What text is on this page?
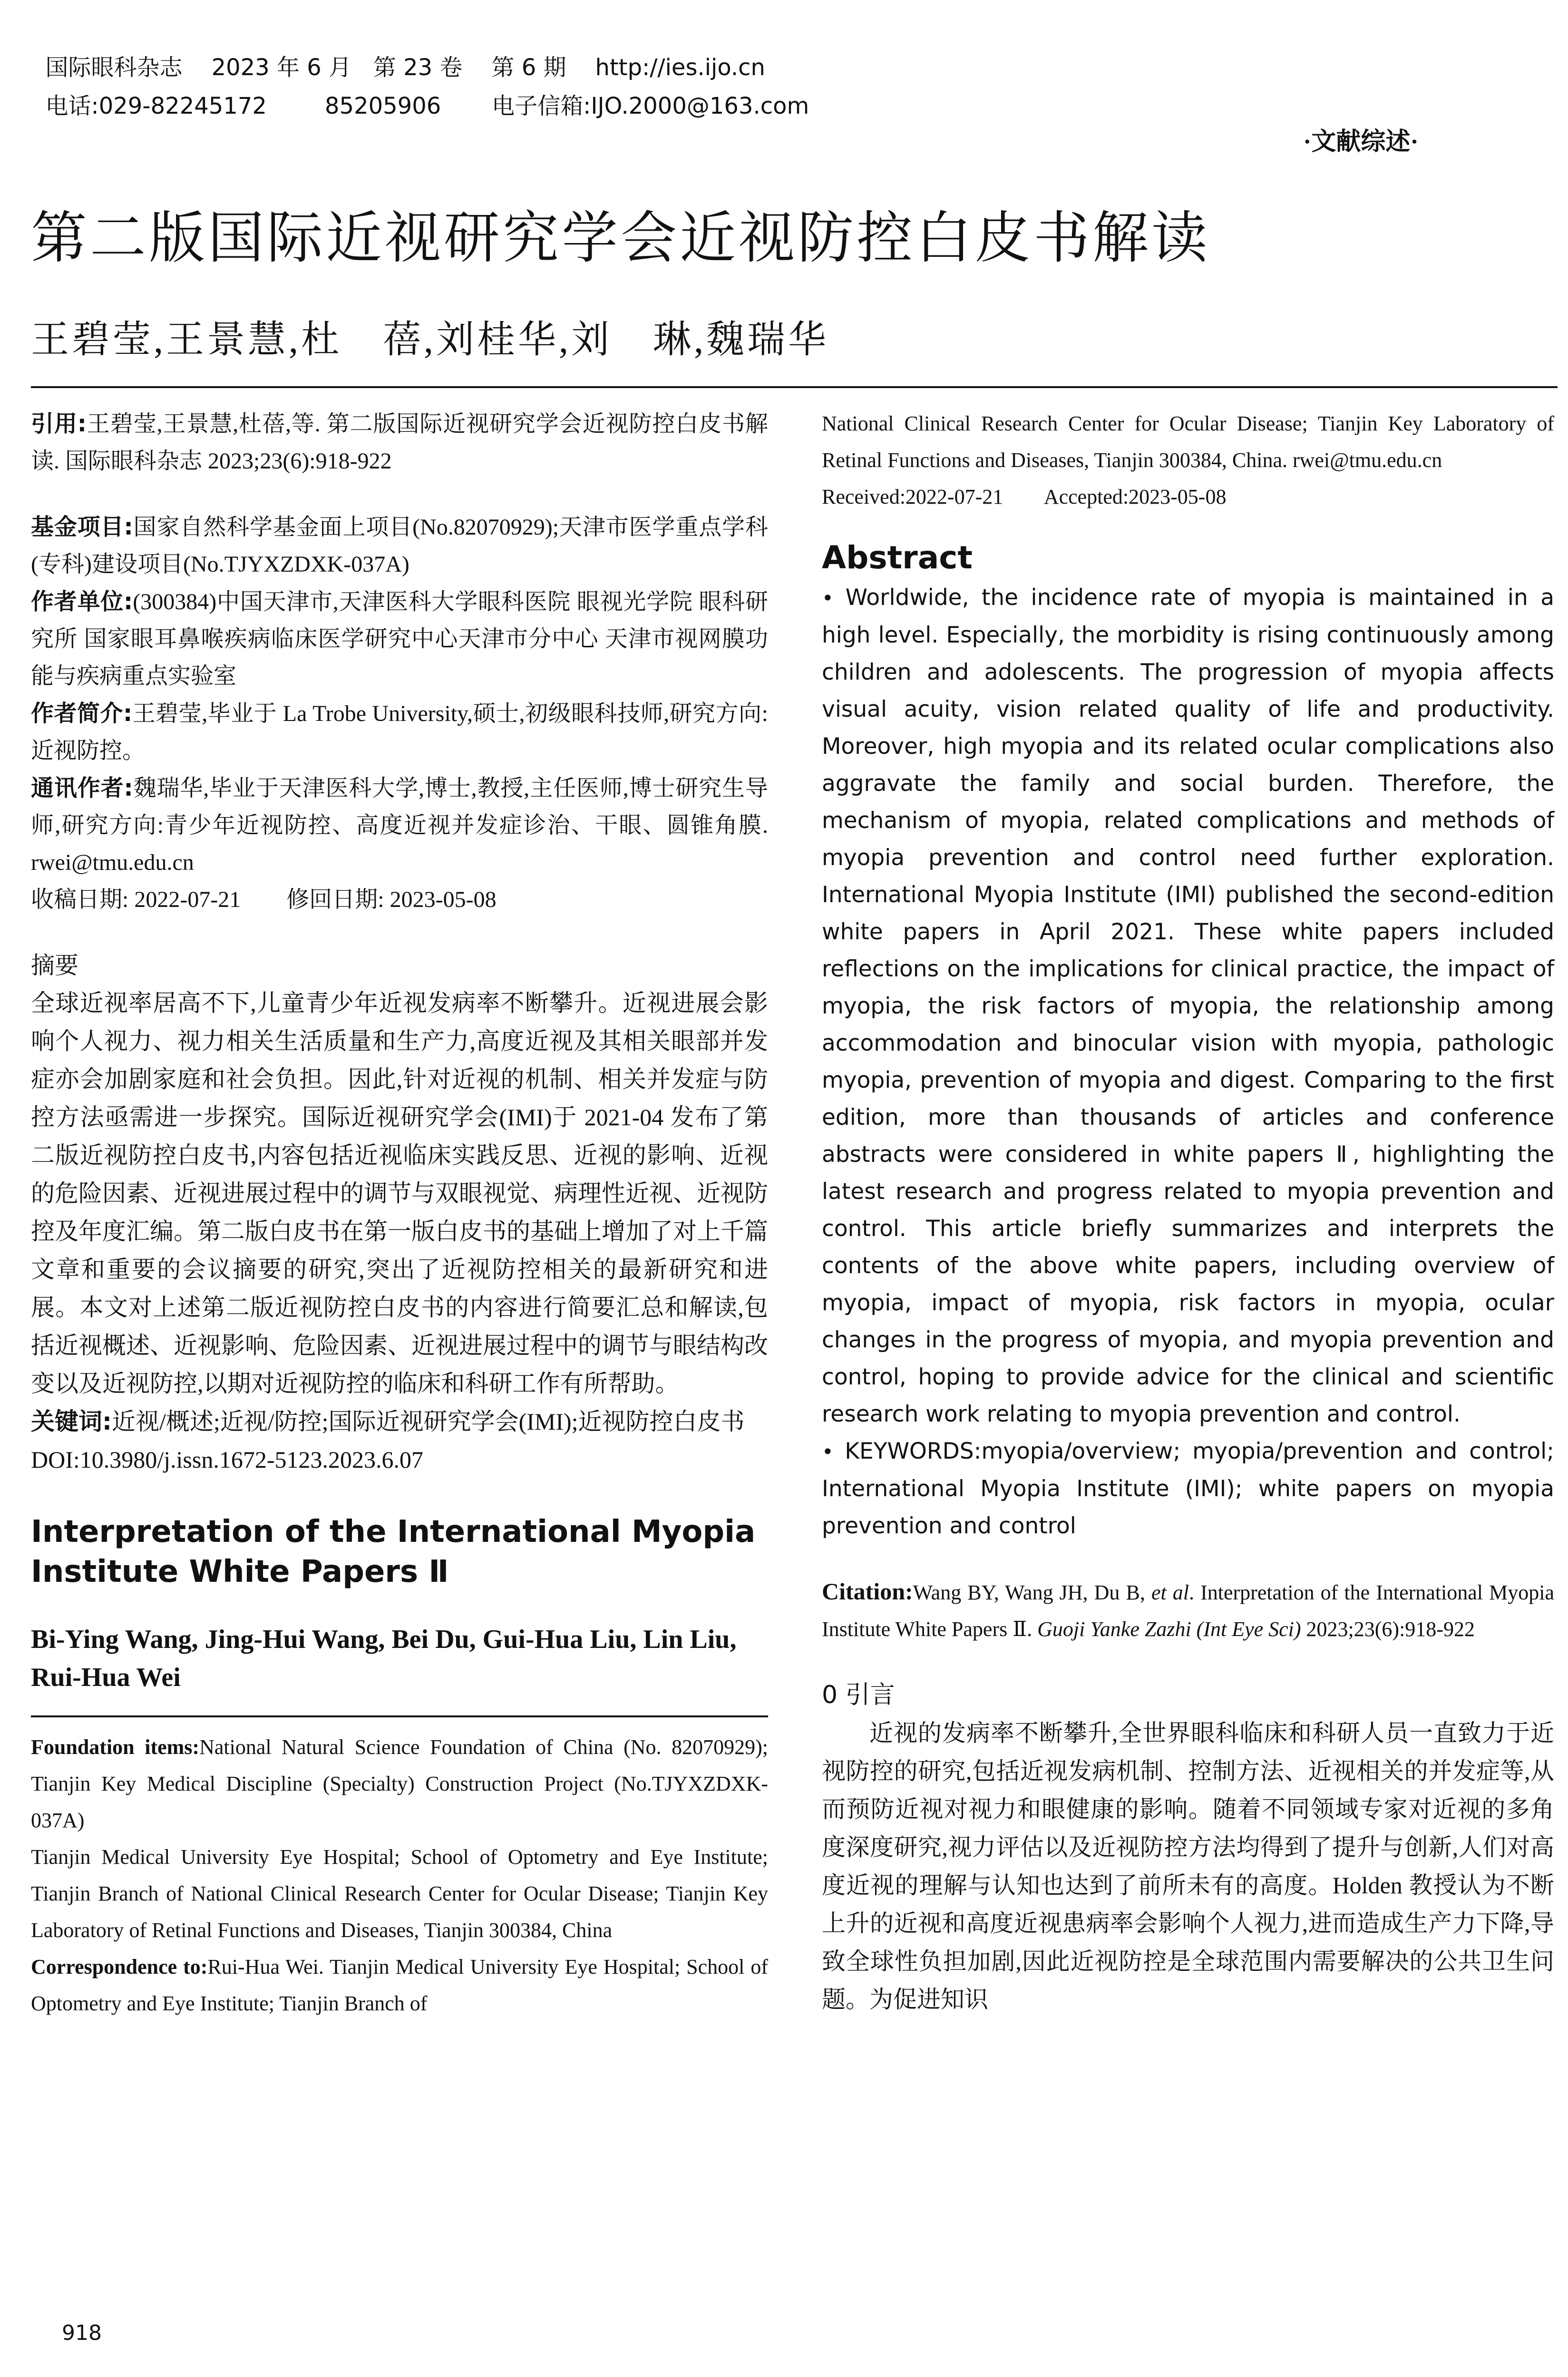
国际眼科杂志 2023 年 6 月   第 23 卷    第 6 期 http://ies.ijo.cn

电话:029-82245172	85205906 电子信箱:IJO.2000@163.com

·文献综述·
第二版国际近视研究学会近视防控白皮书解读
王碧莹,王景慧,杜　蓓,刘桂华,刘　琳,魏瑞华

引用:王碧莹,王景慧,杜蓓,等. 第二版国际近视研究学会近视防控白皮书解读. 国际眼科杂志 2023;23(6):918-922

基金项目:国家自然科学基金面上项目(No.82070929);天津市医学重点学科(专科)建设项目(No.TJYXZDXK-037A)

作者单位:(300384)中国天津市,天津医科大学眼科医院 眼视光学院 眼科研究所 国家眼耳鼻喉疾病临床医学研究中心天津市分中心 天津市视网膜功能与疾病重点实验室

作者简介:王碧莹,毕业于 La Trobe University,硕士,初级眼科技师,研究方向:近视防控。

通讯作者:魏瑞华,毕业于天津医科大学,博士,教授,主任医师,博士研究生导师,研究方向:青少年近视防控、高度近视并发症诊治、干眼、圆锥角膜. rwei@tmu.edu.cn

收稿日期: 2022-07-21        修回日期: 2023-05-08

摘要

全球近视率居高不下,儿童青少年近视发病率不断攀升。近视进展会影响个人视力、视力相关生活质量和生产力,高度近视及其相关眼部并发症亦会加剧家庭和社会负担。因此,针对近视的机制、相关并发症与防控方法亟需进一步探究。国际近视研究学会(IMI)于 2021-04 发布了第二版近视防控白皮书,内容包括近视临床实践反思、近视的影响、近视的危险因素、近视进展过程中的调节与双眼视觉、病理性近视、近视防控及年度汇编。第二版白皮书在第一版白皮书的基础上增加了对上千篇文章和重要的会议摘要的研究,突出了近视防控相关的最新研究和进展。本文对上述第二版近视防控白皮书的内容进行简要汇总和解读,包括近视概述、近视影响、危险因素、近视进展过程中的调节与眼结构改变以及近视防控,以期对近视防控的临床和科研工作有所帮助。

关键词:近视/概述;近视/防控;国际近视研究学会(IMI);近视防控白皮书

DOI:10.3980/j.issn.1672-5123.2023.6.07

Interpretation of the International Myopia Institute White Papers Ⅱ

Bi-Ying Wang, Jing-Hui Wang, Bei Du, Gui-Hua Liu, Lin Liu, Rui-Hua Wei

Foundation items:National Natural Science Foundation of China (No. 82070929); Tianjin Key Medical Discipline (Specialty) Construction Project (No.TJYXZDXK-037A)

Tianjin Medical University Eye Hospital; School of Optometry and Eye Institute; Tianjin Branch of National Clinical Research Center for Ocular Disease; Tianjin Key Laboratory of Retinal Functions and Diseases, Tianjin 300384, China

Correspondence to:Rui-Hua Wei. Tianjin Medical University Eye Hospital; School of Optometry and Eye Institute; Tianjin Branch of

National Clinical Research Center for Ocular Disease; Tianjin Key Laboratory of Retinal Functions and Diseases, Tianjin 300384, China. rwei@tmu.edu.cn

Received:2022-07-21        Accepted:2023-05-08

Abstract

• Worldwide, the incidence rate of myopia is maintained in a high level. Especially, the morbidity is rising continuously among children and adolescents. The progression of myopia affects visual acuity, vision related quality of life and productivity. Moreover, high myopia and its related ocular complications also aggravate the family and social burden. Therefore, the mechanism of myopia, related complications and methods of myopia prevention and control need further exploration. International Myopia Institute (IMI) published the second-edition white papers in April 2021. These white papers included reflections on the implications for clinical practice, the impact of myopia, the risk factors of myopia, the relationship among accommodation and binocular vision with myopia, pathologic myopia, prevention of myopia and digest. Comparing to the first edition, more than thousands of articles and conference abstracts were considered in white papers Ⅱ, highlighting the latest research and progress related to myopia prevention and control. This article briefly summarizes and interprets the contents of the above white papers, including overview of myopia, impact of myopia, risk factors in myopia, ocular changes in the progress of myopia, and myopia prevention and control, hoping to provide advice for the clinical and scientific research work relating to myopia prevention and control.

• KEYWORDS:myopia/overview; myopia/prevention and control; International Myopia Institute (IMI); white papers on myopia prevention and control

Citation:Wang BY, Wang JH, Du B, et al. Interpretation of the International Myopia Institute White Papers Ⅱ. Guoji Yanke Zazhi (Int Eye Sci) 2023;23(6):918-922

0 引言

近视的发病率不断攀升,全世界眼科临床和科研人员一直致力于近视防控的研究,包括近视发病机制、控制方法、近视相关的并发症等,从而预防近视对视力和眼健康的影响。随着不同领域专家对近视的多角度深度研究,视力评估以及近视防控方法均得到了提升与创新,人们对高度近视的理解与认知也达到了前所未有的高度。Holden 教授认为不断上升的近视和高度近视患病率会影响个人视力,进而造成生产力下降,导致全球性负担加剧,因此近视防控是全球范围内需要解决的公共卫生问题。为促进知识

918
